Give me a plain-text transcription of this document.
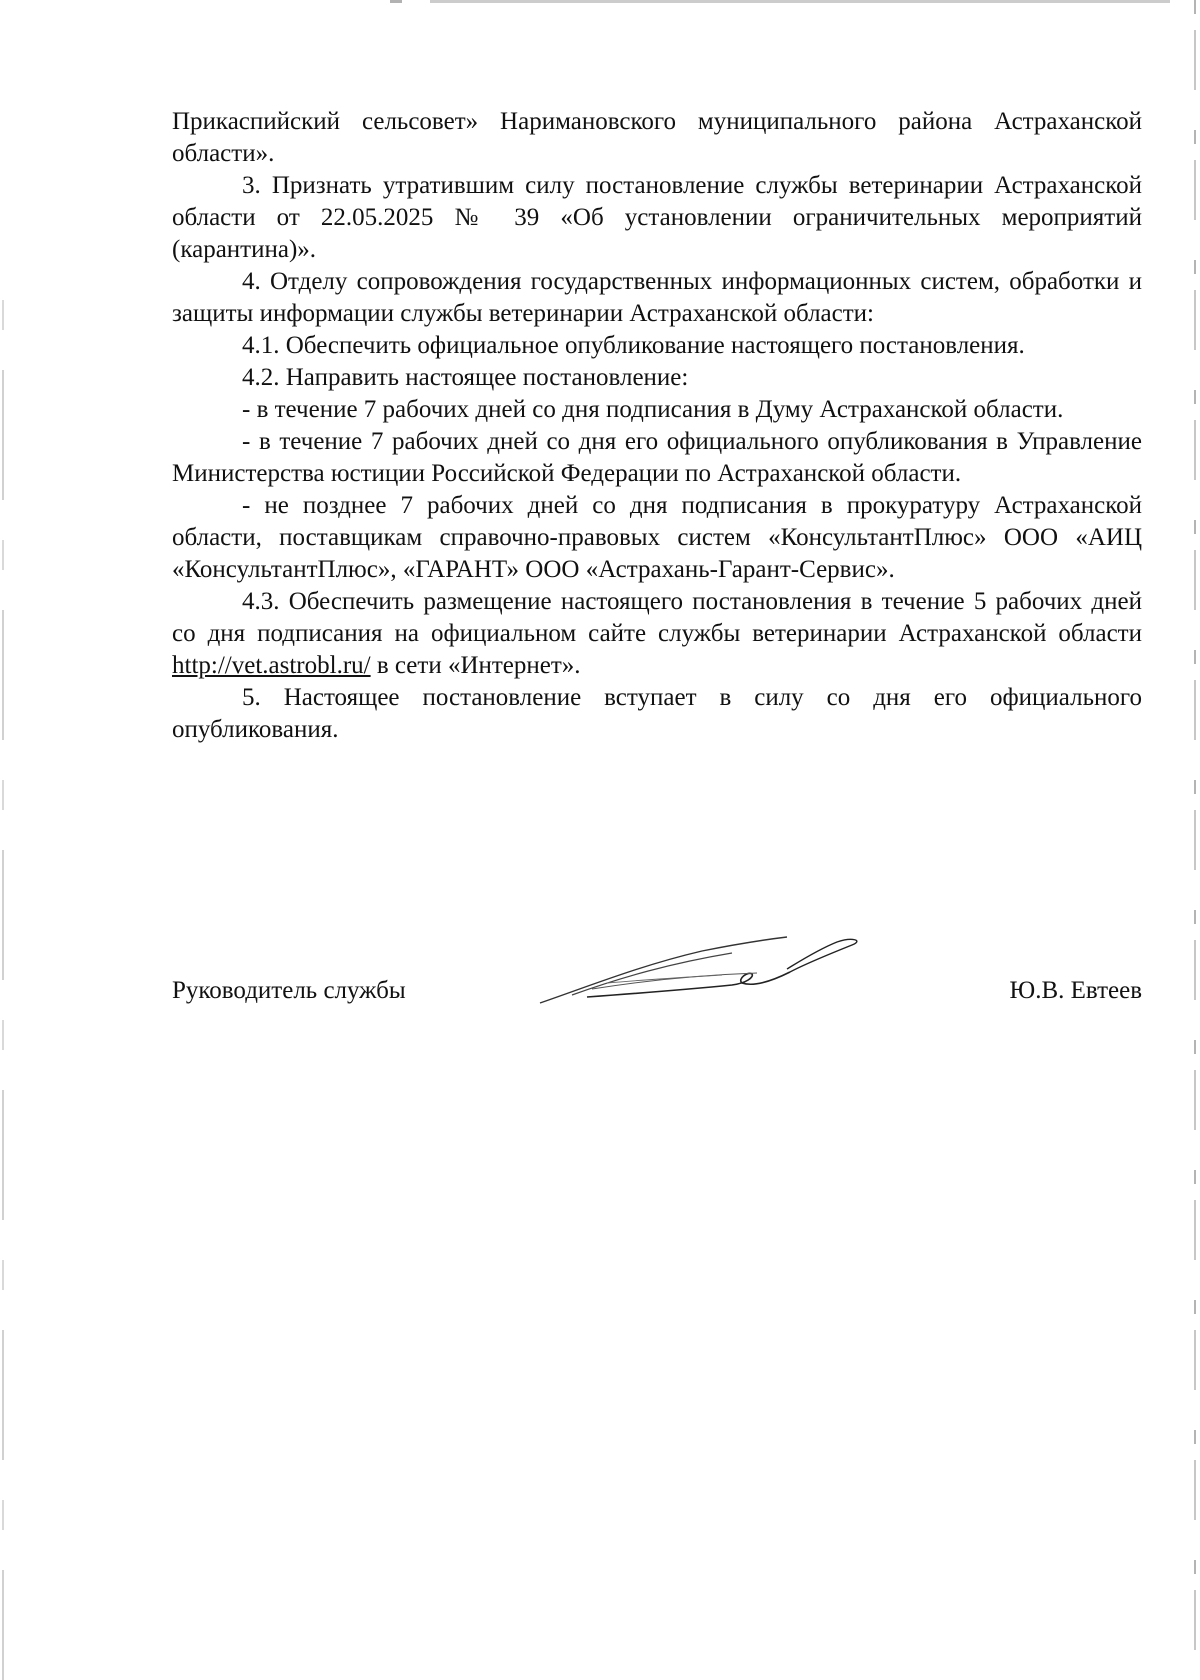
Прикаспийский сельсовет» Наримановского муниципального района Астраханской области».

3. Признать утратившим силу постановление службы ветеринарии Астраханской области от 22.05.2025 № 39 «Об установлении ограничительных мероприятий (карантина)».

4. Отделу сопровождения государственных информационных систем, обработки и защиты информации службы ветеринарии Астраханской области:

4.1. Обеспечить официальное опубликование настоящего постановления.

4.2. Направить настоящее постановление:

- в течение 7 рабочих дней со дня подписания в Думу Астраханской области.

- в течение 7 рабочих дней со дня его официального опубликования в Управление Министерства юстиции Российской Федерации по Астраханской области.

- не позднее 7 рабочих дней со дня подписания в прокуратуру Астраханской области, поставщикам справочно-правовых систем «КонсультантПлюс» ООО «АИЦ «КонсультантПлюс», «ГАРАНТ» ООО «Астрахань-Гарант-Сервис».

4.3. Обеспечить размещение настоящего постановления в течение 5 рабочих дней со дня подписания на официальном сайте службы ветеринарии Астраханской области http://vet.astrobl.ru/ в сети «Интернет».

5. Настоящее постановление вступает в силу со дня его официального опубликования.

Руководитель службы	Ю.В. Евтеев
